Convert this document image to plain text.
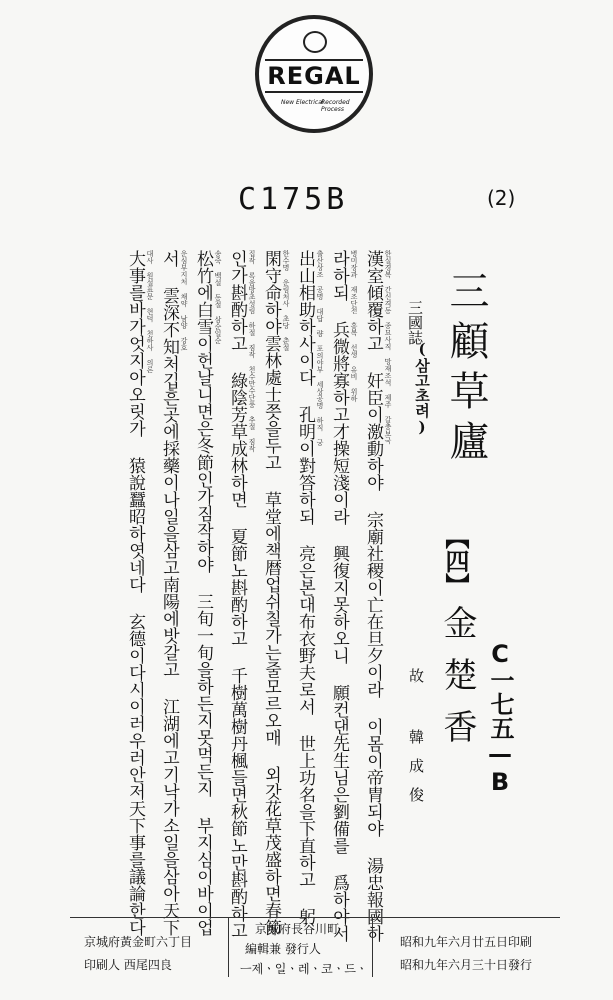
REGAL
New Electrical
Recorded Process
C175B	(2)
C一七五—B
金楚香
故 韓成俊
三顧草廬
【四】
三國誌
(삼고초려)
漢室傾覆하고 奸臣이激動하야 宗廟社稷이亡在旦夕이라 이몸이帝胄되야 湯忠報國하
라하되 兵微將寡하고才操短淺이라 興復지못하오니 願컨댄先生님은劉備를 爲하야서
出山相助하사이다 孔明이對答하되 亮은본대布衣野夫로서 世上功名을下直하고 躬
閑守命하야雲林處士쯧을두고 草堂에책暦업쉬칠가는줄모르오매 외갓花草茂盛하면春節
인가斟酌하고 綠陰芳草成林하면 夏節노斟酌하고 千樹萬樹丹楓들면秋節노만斟酌하고
松竹에白雪이헌날니면은冬節인가짐작하야 三旬一旬을하든지못먹든지 부지심이바이업
서 雲深不知처깁흔곳에採藥이나일을삼고南陽에밧갈고 江湖에고기낙가소일을삼아天下
大事를바가엇지아오릿가 猿說蠶昭하엿네다 玄德이다시이러우러안저天下事를議論한다	한실경복 간신격동 종묘사직 망재조석 제주 갈충보국
병미장과 재조단천 흥복 선생 유비 위하
출산상조 공명 대답 량 포의야부 세상공명 하직 궁
한수명 운림처사 초당 춘절
집작 록음방초성림 하절 짐작 천수만수단풍 추절 짐작
송죽 백설 동절 삼순일순
운심부지처 채약 남양 강호
대사 원설표문 현덕 천하사 의론
昭和九年六月廿五日印刷
昭和九年六月三十日發行
京城府長谷川町
編輯兼 發行人
ㅡ제ㆍ일ㆍ레ㆍ코ㆍ드ㆍ
京城府黃金町六丁目
印刷人 西尾四良
